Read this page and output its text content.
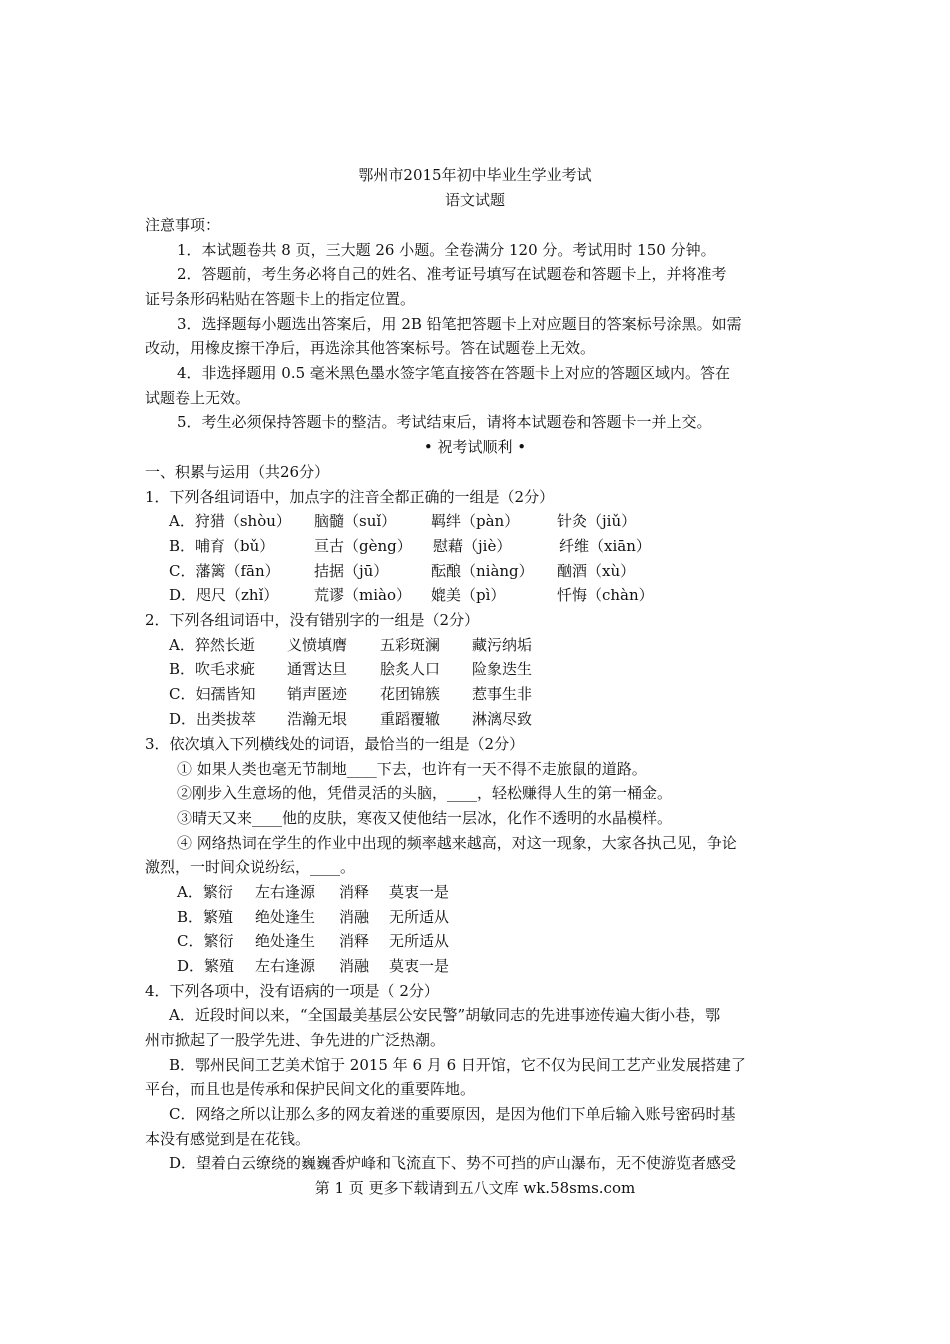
鄂州市2015年初中毕业生学业考试
语文试题
注意事项：
1．本试题卷共 8 页，三大题 26 小题。全卷满分 120 分。考试用时 150 分钟。
2．答题前，考生务必将自己的姓名、准考证号填写在试题卷和答题卡上，并将准考
证号条形码粘贴在答题卡上的指定位置。
3．选择题每小题选出答案后，用 2B 铅笔把答题卡上对应题目的答案标号涂黑。如需
改动，用橡皮擦干净后，再选涂其他答案标号。答在试题卷上无效。
4．非选择题用 0.5 毫米黑色墨水签字笔直接答在答题卡上对应的答题区域内。答在
试题卷上无效。
5．考生必须保持答题卡的整洁。考试结束后，请将本试题卷和答题卡一并上交。
• 祝考试顺利 •
一、积累与运用（共26分）
1．下列各组词语中，加点字的注音全都正确的一组是（2分）
A．狩猎（shòu） 脑髓（suǐ） 羁绊（pàn）	针灸（jiǔ）
B．哺育（bǔ）	亘古（gèng） 慰藉（jiè）	纤维（xiān）
C．藩篱（fān） 拮据（jū）	酝酿（niàng） 酗酒（xù）
D．咫尺（zhǐ） 荒谬（miào） 媲美（pì）	忏悔（chàn）
2．下列各组词语中，没有错别字的一组是（2分）
A．猝然长逝 义愤填膺 五彩斑澜 藏污纳垢
B．吹毛求疵 通霄达旦 脍炙人口 险象迭生
C．妇孺皆知 销声匿迹 花团锦簇 惹事生非
D．出类拔萃 浩瀚无垠 重蹈覆辙 淋漓尽致
3．依次填入下列横线处的词语，最恰当的一组是（2分）
① 如果人类也毫无节制地____下去，也许有一天不得不走旅鼠的道路。
②刚步入生意场的他，凭借灵活的头脑，____，轻松赚得人生的第一桶金。
③晴天又来____他的皮肤，寒夜又使他结一层冰，化作不透明的水晶模样。
④ 网络热词在学生的作业中出现的频率越来越高，对这一现象，大家各执己见，争论
激烈，一时间众说纷纭，____。
A．繁衍 左右逢源 消释 莫衷一是
B．繁殖 绝处逢生 消融 无所适从
C．繁衍 绝处逢生 消释 无所适从
D．繁殖 左右逢源 消融 莫衷一是
4．下列各项中，没有语病的一项是（ 2分）
A．近段时间以来，“全国最美基层公安民警”胡敏同志的先进事迹传遍大街小巷，鄂
州市掀起了一股学先进、争先进的广泛热潮。
B．鄂州民间工艺美术馆于 2015 年 6 月 6 日开馆，它不仅为民间工艺产业发展搭建了
平台，而且也是传承和保护民间文化的重要阵地。
C．网络之所以让那么多的网友着迷的重要原因，是因为他们下单后输入账号密码时基
本没有感觉到是在花钱。
D．望着白云缭绕的巍巍香炉峰和飞流直下、势不可挡的庐山瀑布，无不使游览者感受
第 1 页 更多下载请到五八文库 wk.58sms.com
